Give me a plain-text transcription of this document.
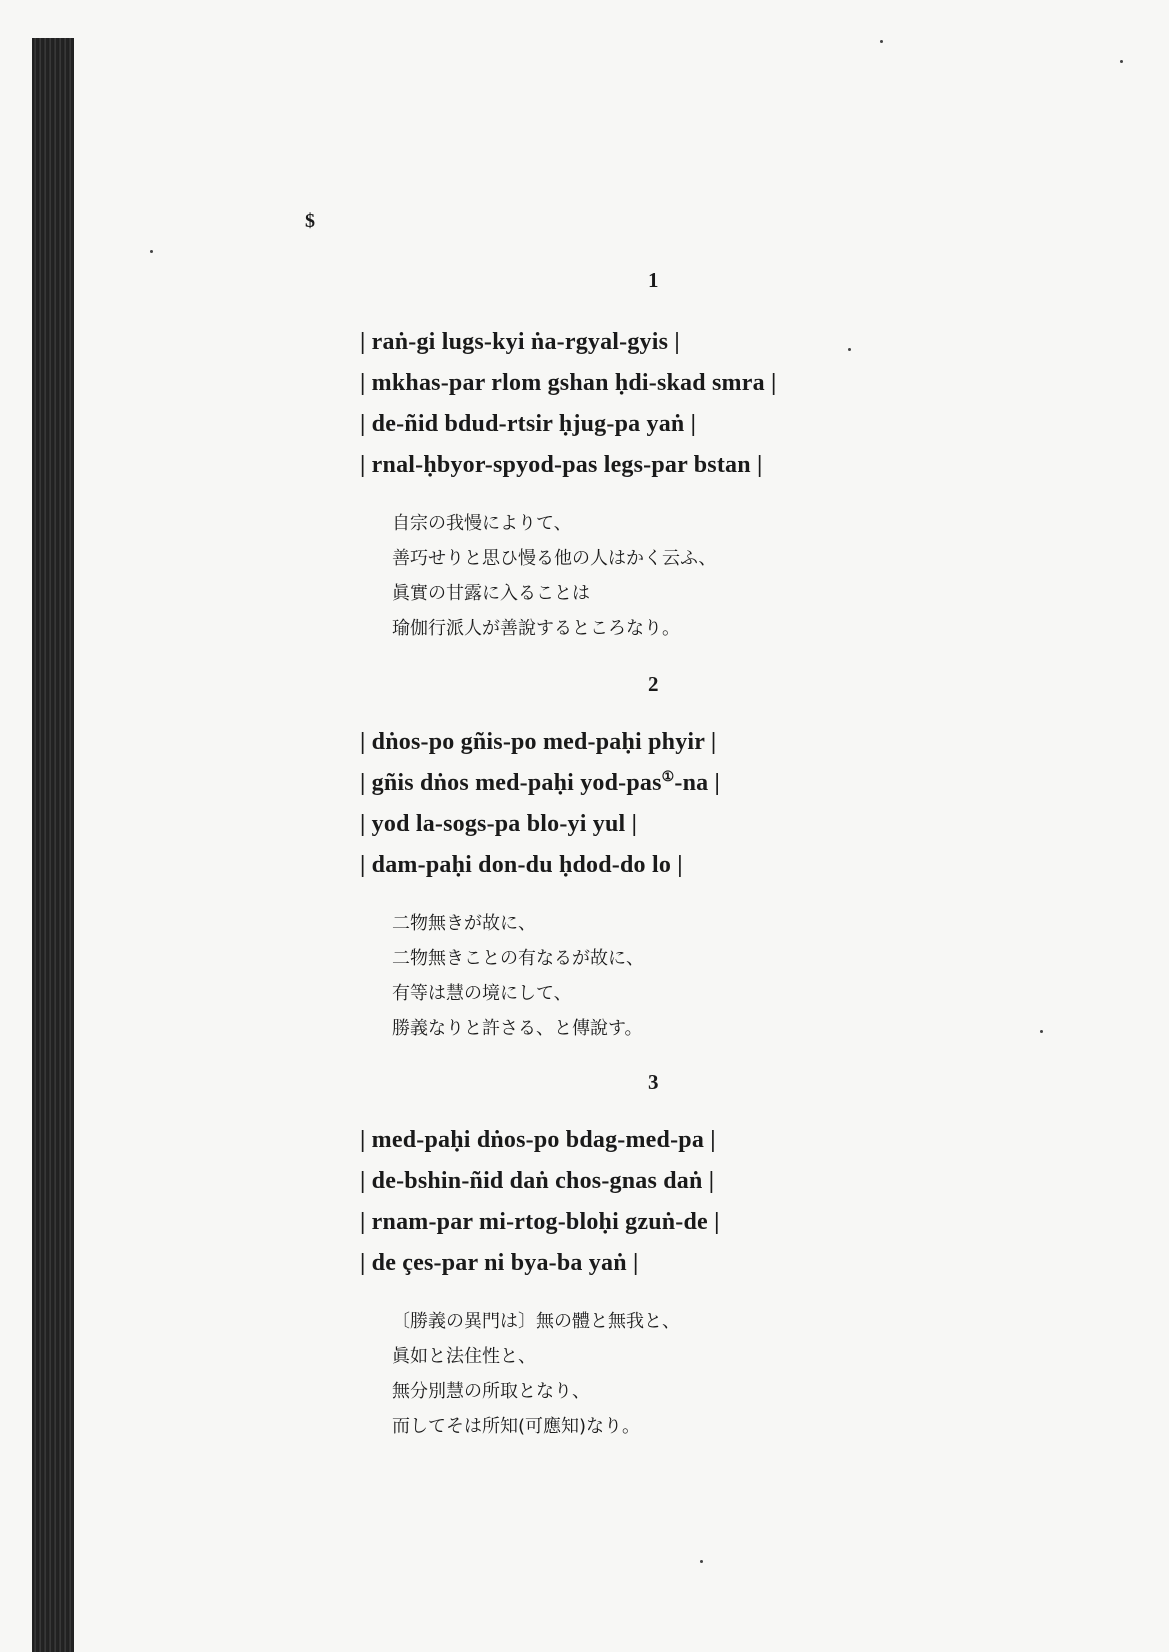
$
1
| raṅ-gi lugs-kyi ṅa-rgyal-gyis |
| mkhas-par rlom gshan ḥdi-skad smra |
| de-ñid bdud-rtsir ḥjug-pa yaṅ |
| rnal-ḥbyor-spyod-pas legs-par bstan |
自宗の我慢によりて、
善巧せりと思ひ慢る他の人はかく云ふ、
眞實の甘露に入ることは
瑜伽行派人が善說するところなり。
2
| dṅos-po gñis-po med-paḥi phyir |
| gñis dṅos med-paḥi yod-pas①-na |
| yod la-sogs-pa blo-yi yul |
| dam-paḥi don-du ḥdod-do lo |
二物無きが故に、
二物無きことの有なるが故に、
有等は慧の境にして、
勝義なりと許さる、と傳說す。
3
| med-paḥi dṅos-po bdag-med-pa |
| de-bshin-ñid daṅ chos-gnas daṅ |
| rnam-par mi-rtog-bloḥi gzuṅ-de |
| de çes-par ni bya-ba yaṅ |
〔勝義の異門は〕無の體と無我と、
眞如と法住性と、
無分別慧の所取となり、
而してそは所知(可應知)なり。
